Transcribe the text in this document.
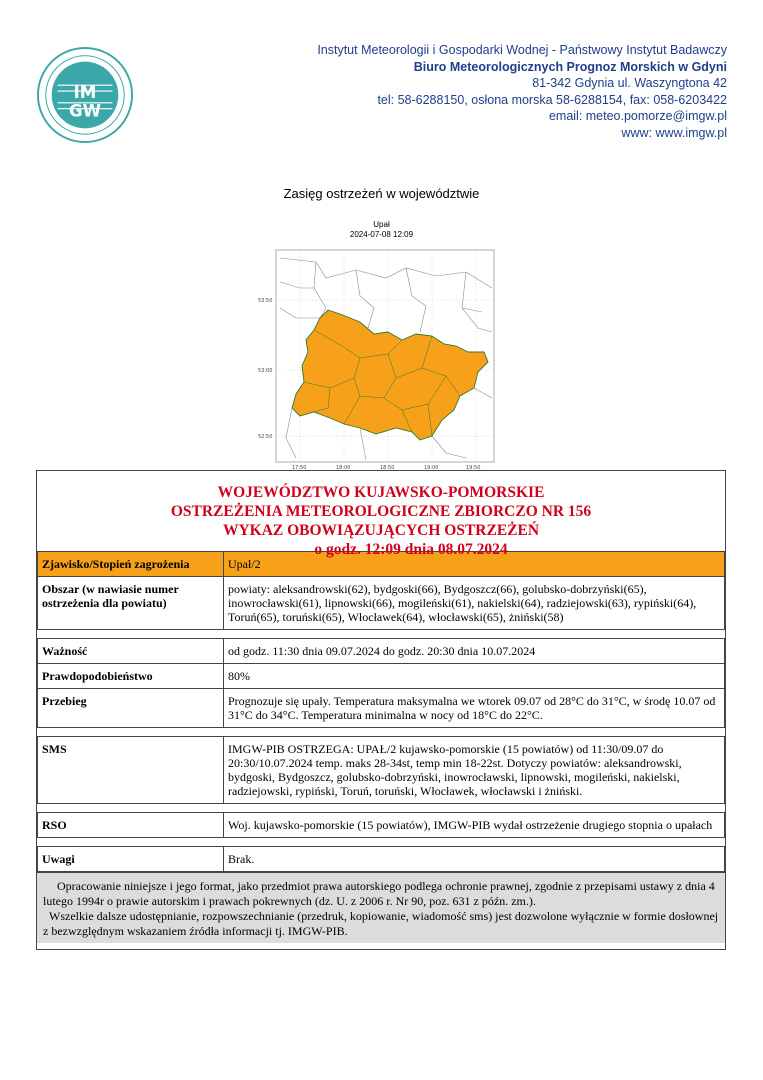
IM
GW
Instytut Meteorologii i Gospodarki Wodnej - Państwowy Instytut Badawczy
Biuro Meteorologicznych Prognoz Morskich w Gdyni
81-342 Gdynia ul. Waszyngtona 42
tel: 58-6288150, osłona morska 58-6288154, fax: 058-6203422
email: meteo.pomorze@imgw.pl
www: www.imgw.pl
Zasięg ostrzeżeń w województwie
Upał
2024-07-08 12:09
53:50
53:00
52:50
17:50	18:00	18:50	19:00	19:50
WOJEWÓDZTWO KUJAWSKO-POMORSKIE
OSTRZEŻENIA METEOROLOGICZNE ZBIORCZO NR 156
WYKAZ OBOWIĄZUJĄCYCH OSTRZEŻEŃ
o godz. 12:09 dnia 08.07.2024
Zjawisko/Stopień zagrożenia	Upał/2
Obszar (w nawiasie numer ostrzeżenia dla powiatu)	powiaty: aleksandrowski(62), bydgoski(66), Bydgoszcz(66), golubsko-dobrzyński(65), inowrocławski(61), lipnowski(66), mogileński(61), nakielski(64), radziejowski(63), rypiński(64), Toruń(65), toruński(65), Włocławek(64), włocławski(65), żniński(58)

Ważność	od godz. 11:30 dnia 09.07.2024 do godz. 20:30 dnia 10.07.2024
Prawdopodobieństwo	80%
Przebieg	Prognozuje się upały. Temperatura maksymalna we wtorek 09.07 od 28°C do 31°C, w środę 10.07 od 31°C do 34°C. Temperatura minimalna w nocy od 18°C do 22°C.

SMS	IMGW-PIB OSTRZEGA: UPAŁ/2 kujawsko-pomorskie (15 powiatów) od 11:30/09.07 do 20:30/10.07.2024 temp. maks 28-34st, temp min 18-22st. Dotyczy powiatów: aleksandrowski, bydgoski, Bydgoszcz, golubsko-dobrzyński, inowrocławski, lipnowski, mogileński, nakielski, radziejowski, rypiński, Toruń, toruński, Włocławek, włocławski i żniński.

RSO	Woj. kujawsko-pomorskie (15 powiatów), IMGW-PIB wydał ostrzeżenie drugiego stopnia o upałach

Uwagi	Brak.
Opracowanie niniejsze i jego format, jako przedmiot prawa autorskiego podlega ochronie prawnej, zgodnie z przepisami ustawy z dnia 4 lutego 1994r o prawie autorskim i prawach pokrewnych (dz. U. z 2006 r. Nr 90, poz. 631 z późn. zm.).
Wszelkie dalsze udostępnianie, rozpowszechnianie (przedruk, kopiowanie, wiadomość sms) jest dozwolone wyłącznie w formie dosłownej z bezwzględnym wskazaniem źródła informacji tj. IMGW-PIB.
